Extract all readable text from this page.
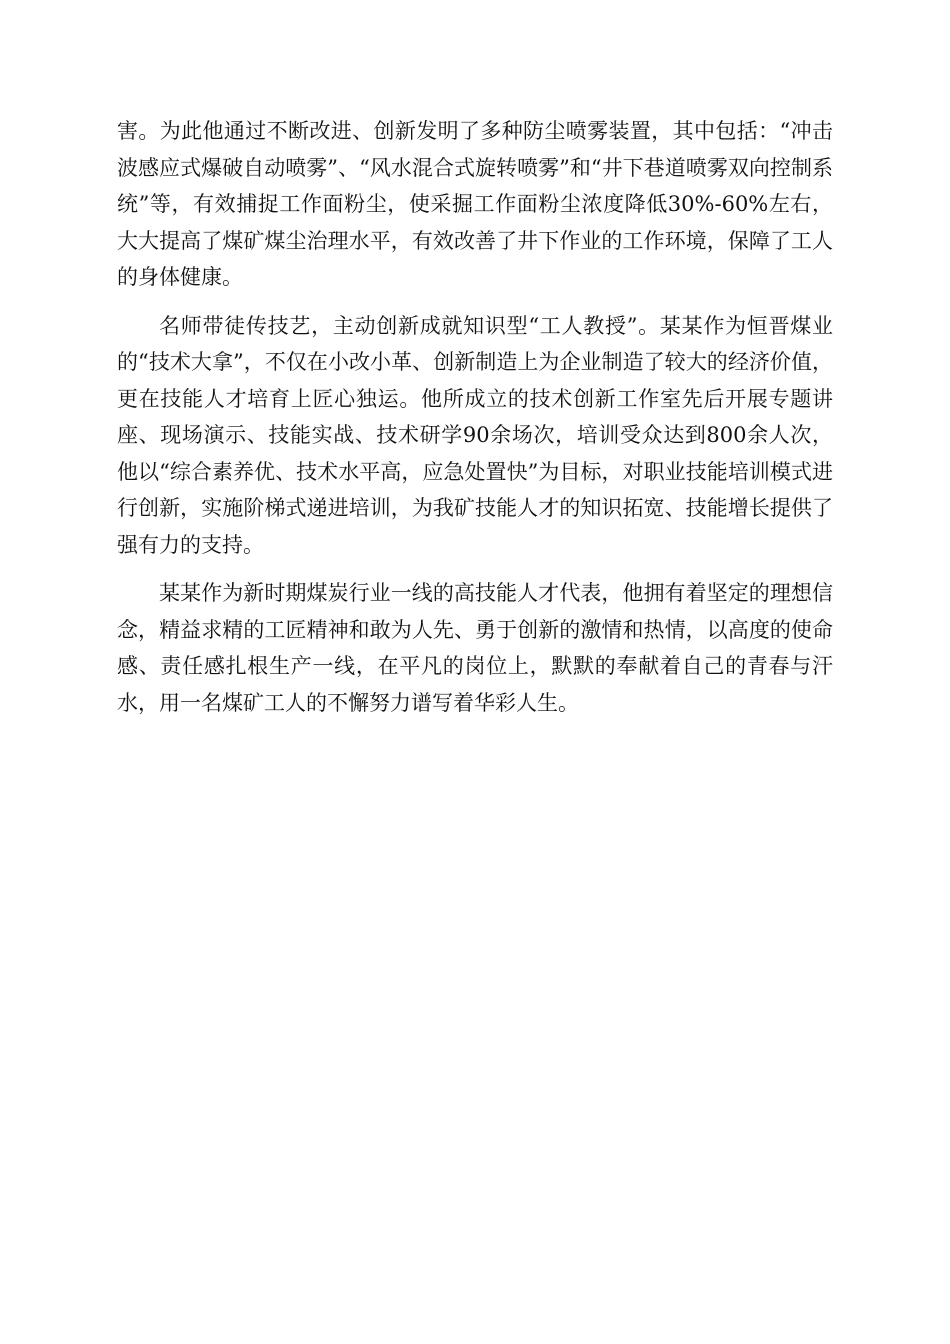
害。为此他通过不断改进、创新发明了多种防尘喷雾装置，其中包括：“冲击波感应式爆破自动喷雾”、“风水混合式旋转喷雾”和“井下巷道喷雾双向控制系统”等，有效捕捉工作面粉尘，使采掘工作面粉尘浓度降低30%-60%左右，大大提高了煤矿煤尘治理水平，有效改善了井下作业的工作环境，保障了工人的身体健康。

名师带徒传技艺，主动创新成就知识型“工人教授”。某某作为恒晋煤业的“技术大拿”，不仅在小改小革、创新制造上为企业制造了较大的经济价值，更在技能人才培育上匠心独运。他所成立的技术创新工作室先后开展专题讲座、现场演示、技能实战、技术研学90余场次，培训受众达到800余人次，他以“综合素养优、技术水平高，应急处置快”为目标，对职业技能培训模式进行创新，实施阶梯式递进培训，为我矿技能人才的知识拓宽、技能增长提供了强有力的支持。

某某作为新时期煤炭行业一线的高技能人才代表，他拥有着坚定的理想信念，精益求精的工匠精神和敢为人先、勇于创新的激情和热情，以高度的使命感、责任感扎根生产一线，在平凡的岗位上，默默的奉献着自己的青春与汗水，用一名煤矿工人的不懈努力谱写着华彩人生。
